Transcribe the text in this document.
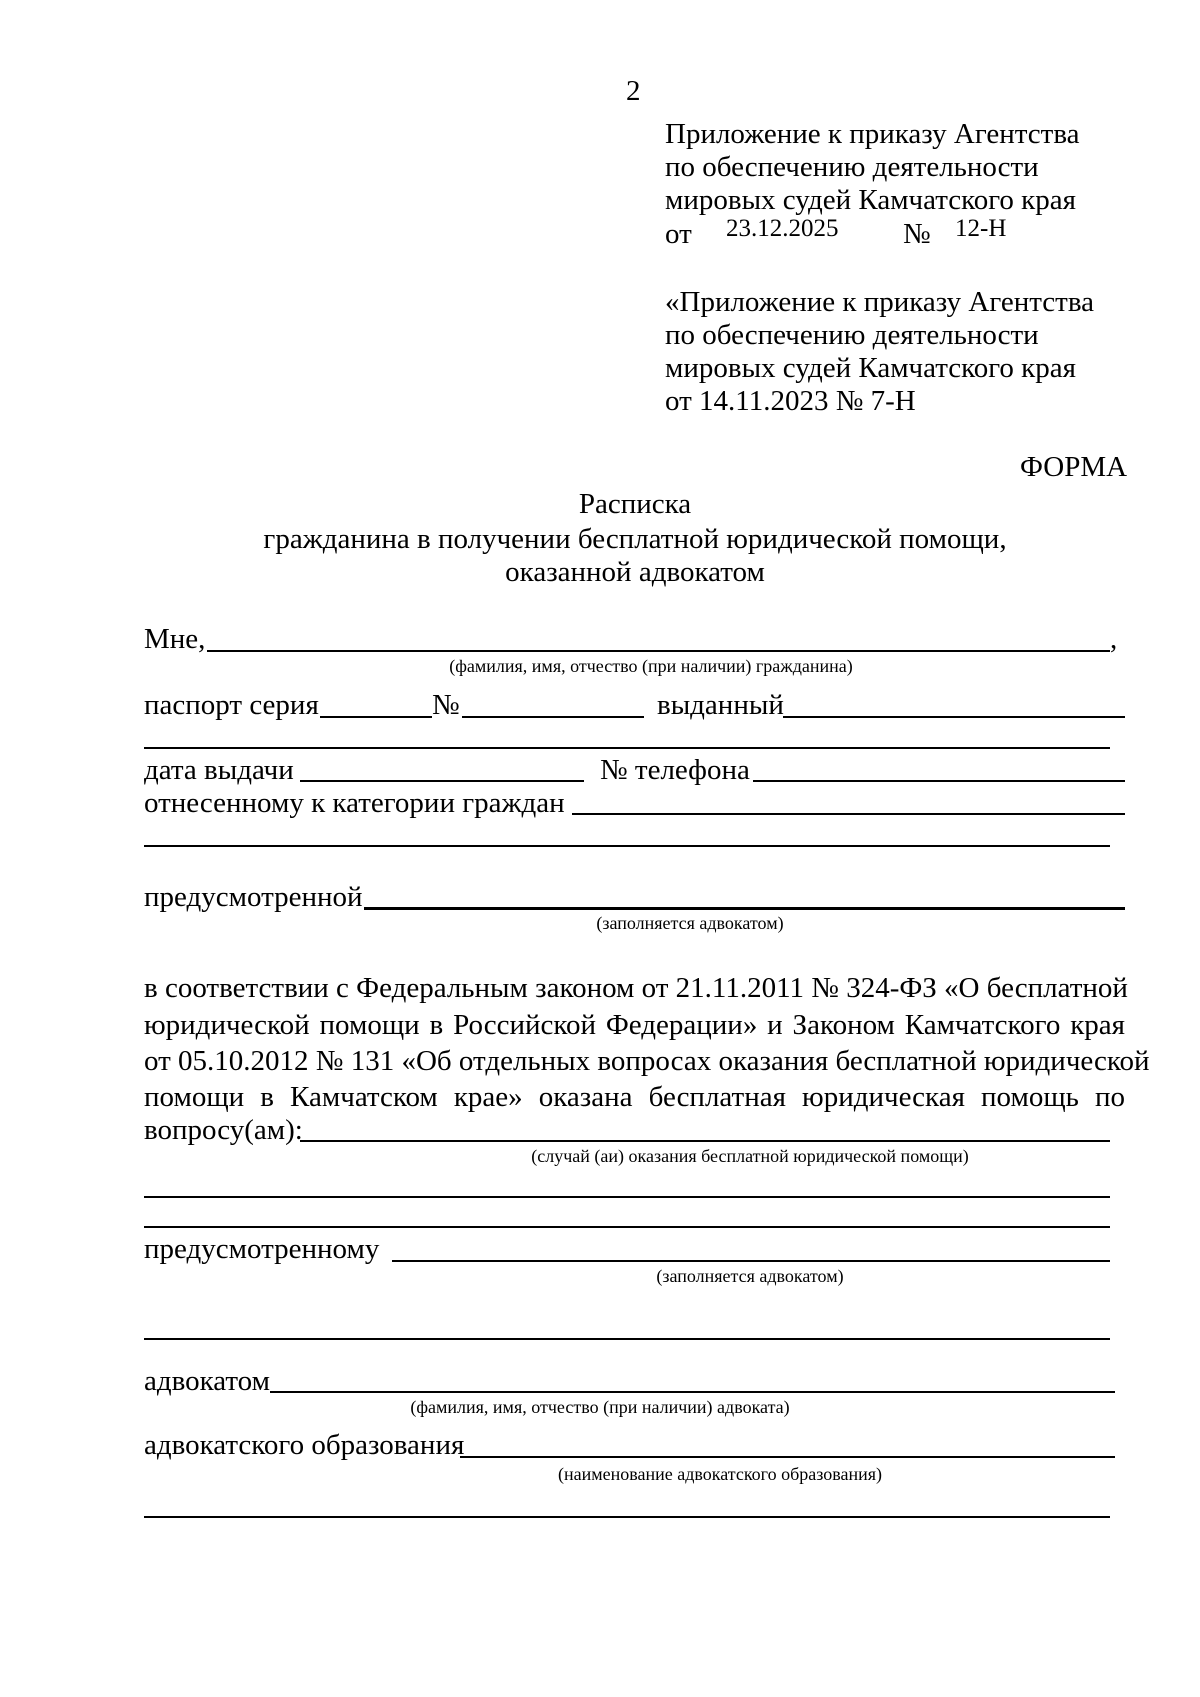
2
Приложение к приказу Агентства
по обеспечению деятельности
мировых судей Камчатского края
от 23.12.2025 № 12-Н
«Приложение к приказу Агентства
по обеспечению деятельности
мировых судей Камчатского края
от 14.11.2023 № 7-Н
ФОРМА
Расписка
гражданина в получении бесплатной юридической помощи,
оказанной адвокатом
Мне,	,
(фамилия, имя, отчество (при наличии) гражданина)
паспорт серия	№	выданный
дата выдачи	№ телефона
отнесенному к категории граждан
предусмотренной
(заполняется адвокатом)
в соответствии с Федеральным законом от 21.11.2011 № 324-ФЗ «О бесплатной
юридической помощи в Российской Федерации» и Законом Камчатского края
от 05.10.2012 № 131 «Об отдельных вопросах оказания бесплатной юридической
помощи в Камчатском крае» оказана бесплатная юридическая помощь по
вопросу(ам):
(случай (аи) оказания бесплатной юридической помощи)
предусмотренному
(заполняется адвокатом)
адвокатом
(фамилия, имя, отчество (при наличии) адвоката)
адвокатского образования
(наименование адвокатского образования)
